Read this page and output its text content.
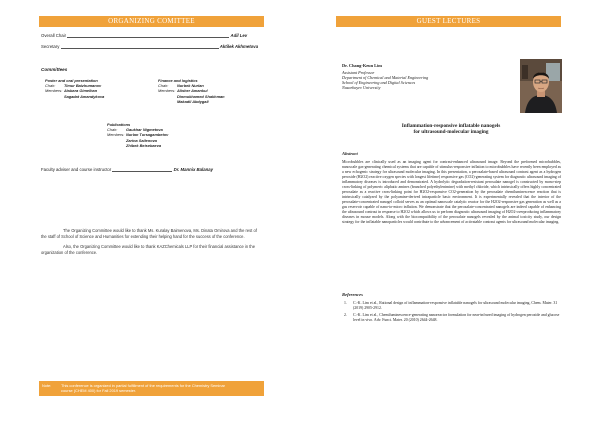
ORGANIZING COMITTEE
Overall Chair	Adil Lev
Secretary	Aktilek Akhmetova
Committees
Poster and oral presentation
Chair:	Timur Baizhumanov
Members: Aisbara Gimelhan
Sagadat Amandykova
Finance and logistics
Chair:	Nurbek Nurlan
Members: Alisher Amankul
Dinmukhamed Shakhman
Makadil Abdygali
Publications
Chair:	Gaukhar Nigmetova
Members: Nurlan Tursagambetov
Zarina Sailenova
Zhibek Beisebaeva
Faculty adviser and course instructor	Dr. Mannix Balanay

The Organizing Committee would like to thank Ms. Kuralay Baimenova, Ms. Dinata Omirova and the rest of the staff of School of Science and Humanities for extending their helping hand for the success of the conference.

Also, the Organizing Committee would like to thank KAZChemicals LLP for their financial assistance in the organization of the conference.

Note: This conference is organized in partial fulfillment of the requirements for the Chemistry Seminar
course (CHEM 400) for Fall 2019 semester.
GUEST LECTURES
Dr. Chang-Keun Lim
Assistant Professor
Department of Chemical and Material Engineering
School of Engineering and Digital Sciences
Nazarbayev University
Inflammation-responsive inflatable nanogels
for ultrasound-molecular imaging
Abstract
Microbubbles are clinically used as an imaging agent for contrast-enhanced ultrasound image. Beyond the preformed microbubbles, nanoscale gas-generating chemical systems that are capable of stimulus-responsive inflation to microbubbles have recently been employed as a new echogenic strategy for ultrasound molecular imaging. In this presentation, a peroxalate-based ultrasound contrast agent as a hydrogen peroxide (H2O2) reactive oxygen species with longest lifetime) responsive gas (CO2)-generating system for diagnostic ultrasound imaging of inflammatory diseases is introduced and demonstrated. A hydrolytic degradation-resistant peroxalate nanogel is constructed by mono-step cross-linking of polymeric aliphatic amines (branched polyethylenimine) with methyl chloride, which intrinsically offers highly concentrated peroxalate as a reactive cross-linking point for H2O2-responsive CO2-generation by the peroxalate chemiluminescence reaction that is intrinsically catalyzed by the polyamine-derived intraparticle basic environment. It is experimentally revealed that the interior of the peroxalate-concentrated nanogel colloid serves as an optimal nanoscale catalytic reactor for the H2O2-responsive gas generation as well as a gas reservoir capable of nano-to-micro inflation. We demonstrate that the peroxalate-concentrated nanogels are indeed capable of enhancing the ultrasound contrast in response to H2O2 which allows us to perform diagnostic ultrasound imaging of H2O2-overproducing inflammatory diseases in mouse models. Along with the biocompatibility of the peroxalate nanogels revealed by the animal toxicity study, our design strategy for the inflatable nanoparticles would contribute to the advancement of activatable contrast agents for ultrasound molecular imaging.
References
1.	C.-K. Lim et al., Rational design of inflammation-responsive inflatable nanogels for ultrasound molecular imaging, Chem. Mater. 31 (2019) 2905-2912.
2.	C.-K. Lim et al., Chemiluminescence-generating nanoreactor formulation for near-infrared imaging of hydrogen peroxide and glucose level in vivo. Adv. Funct. Mater. 20 (2010) 2644-2648.
